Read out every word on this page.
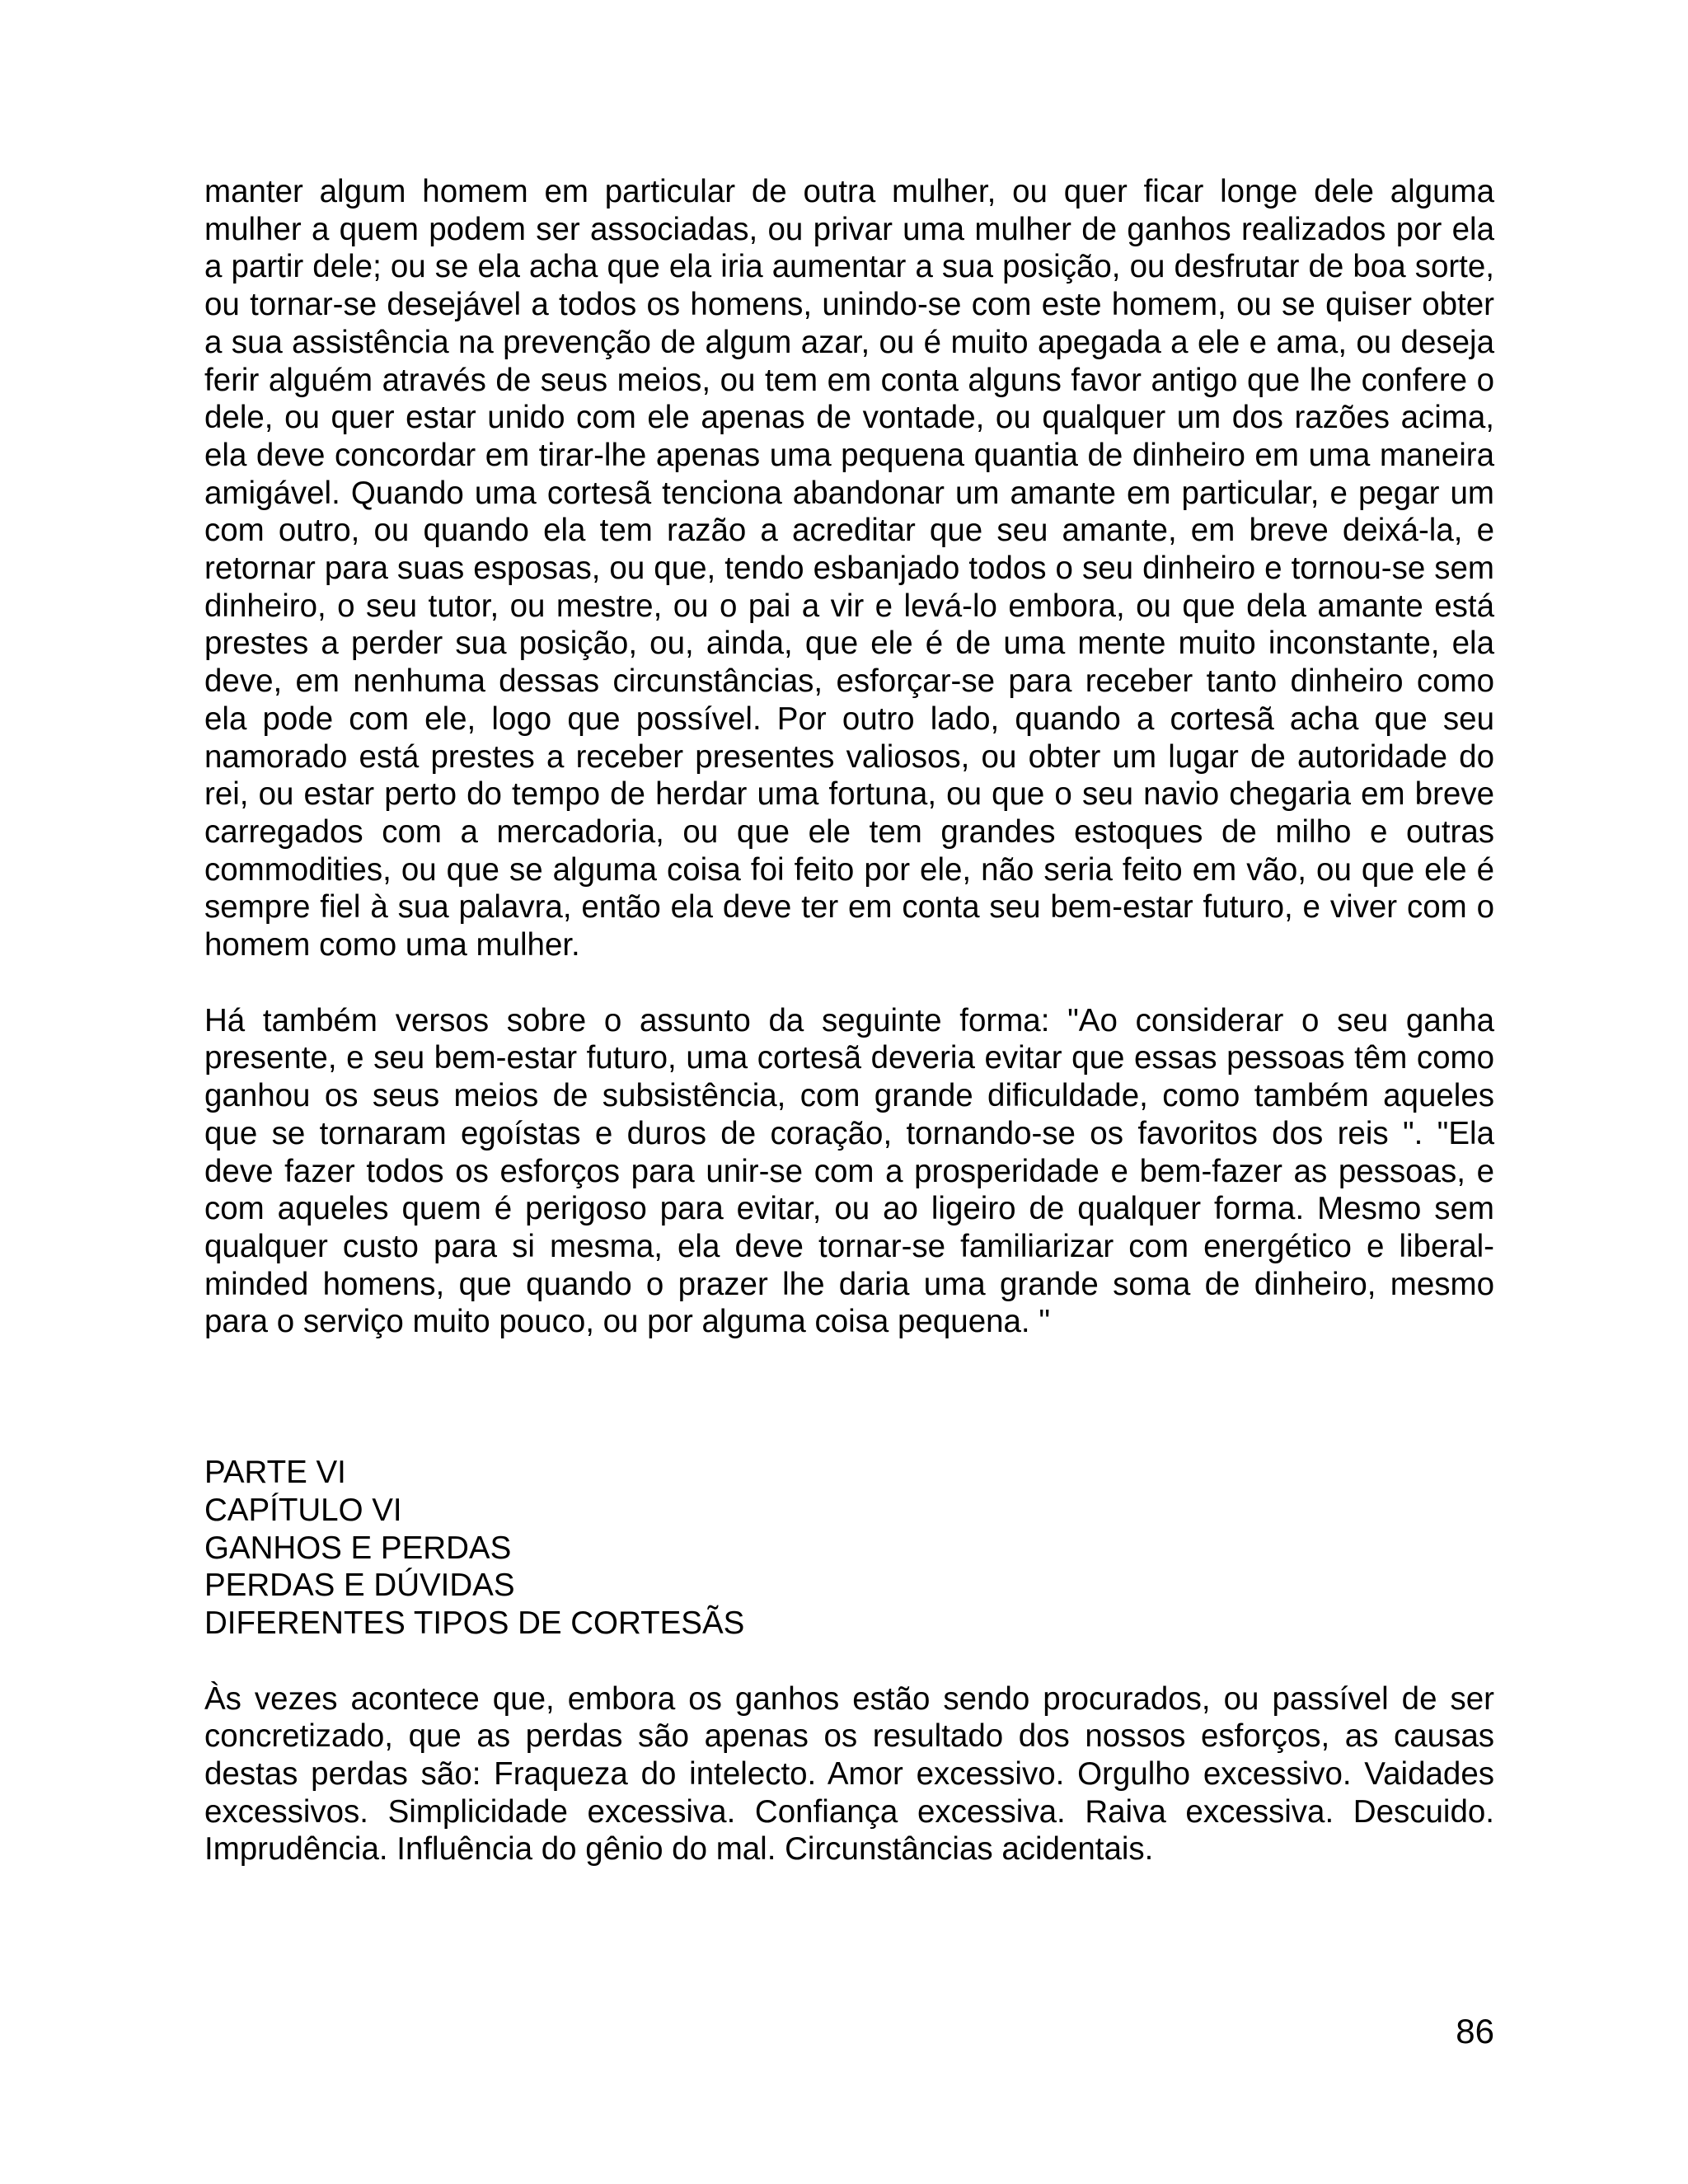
manter algum homem em particular de outra mulher, ou quer ficar longe dele alguma mulher a quem podem ser associadas, ou privar uma mulher de ganhos realizados por ela a partir dele; ou se ela acha que ela iria aumentar a sua posição, ou desfrutar de boa sorte, ou tornar-se desejável a todos os homens, unindo-se com este homem, ou se quiser obter a sua assistência na prevenção de algum azar, ou é muito apegada a ele e ama, ou deseja ferir alguém através de seus meios, ou tem em conta alguns favor antigo que lhe confere o dele, ou quer estar unido com ele apenas de vontade, ou qualquer um dos razões acima, ela deve concordar em tirar-lhe apenas uma pequena quantia de dinheiro em uma maneira amigável. Quando uma cortesã tenciona abandonar um amante em particular, e pegar um com outro, ou quando ela tem razão a acreditar que seu amante, em breve deixá-la, e retornar para suas esposas, ou que, tendo esbanjado todos o seu dinheiro e tornou-se sem dinheiro, o seu tutor, ou mestre, ou o pai a vir e levá-lo embora, ou que dela amante está prestes a perder sua posição, ou, ainda, que ele é de uma mente muito inconstante, ela deve, em nenhuma dessas circunstâncias, esforçar-se para receber tanto dinheiro como ela pode com ele, logo que possível. Por outro lado, quando a cortesã acha que seu namorado está prestes a receber presentes valiosos, ou obter um lugar de autoridade do rei, ou estar perto do tempo de herdar uma fortuna, ou que o seu navio chegaria em breve carregados com a mercadoria, ou que ele tem grandes estoques de milho e outras commodities, ou que se alguma coisa foi feito por ele, não seria feito em vão, ou que ele é sempre fiel à sua palavra, então ela deve ter em conta seu bem-estar futuro, e viver com o homem como uma mulher.

Há também versos sobre o assunto da seguinte forma: "Ao considerar o seu ganha presente, e seu bem-estar futuro, uma cortesã deveria evitar que essas pessoas têm como ganhou os seus meios de subsistência, com grande dificuldade, como também aqueles que se tornaram egoístas e duros de coração, tornando-se os favoritos dos reis ". "Ela deve fazer todos os esforços para unir-se com a prosperidade e bem-fazer as pessoas, e com aqueles quem é perigoso para evitar, ou ao ligeiro de qualquer forma. Mesmo sem qualquer custo para si mesma, ela deve tornar-se familiarizar com energético e liberal-minded homens, que quando o prazer lhe daria uma grande soma de dinheiro, mesmo para o serviço muito pouco, ou por alguma coisa pequena. "

PARTE VI
CAPÍTULO VI
GANHOS E PERDAS
PERDAS E DÚVIDAS
DIFERENTES TIPOS DE CORTESÃS

Às vezes acontece que, embora os ganhos estão sendo procurados, ou passível de ser concretizado, que as perdas são apenas os resultado dos nossos esforços, as causas destas perdas são: Fraqueza do intelecto. Amor excessivo. Orgulho excessivo. Vaidades excessivos. Simplicidade excessiva. Confiança excessiva. Raiva excessiva. Descuido. Imprudência. Influência do gênio do mal. Circunstâncias acidentais.

86
